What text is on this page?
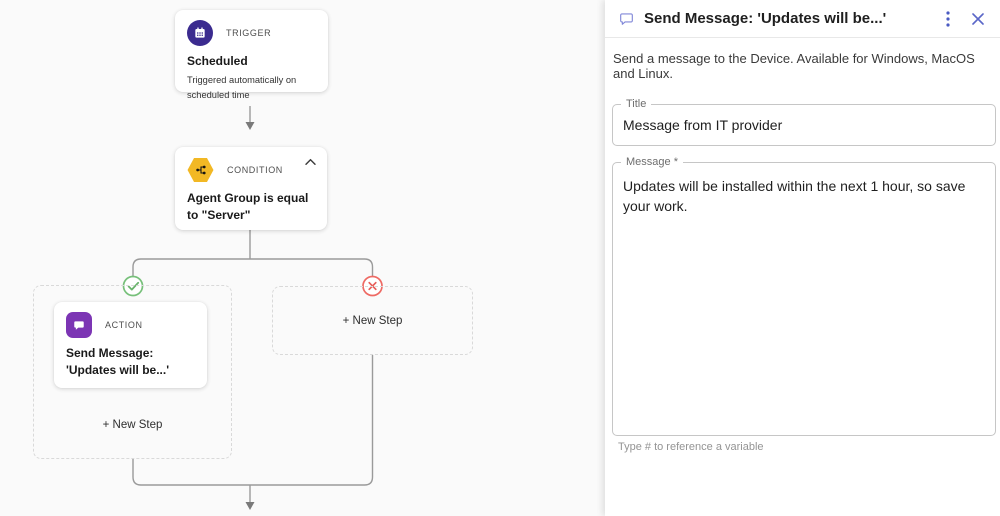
TRIGGER
Scheduled
Triggered automatically on scheduled time
CONDITION
Agent Group is equal to "Server"
ACTION
Send Message: 'Updates will be...'
+ New Step
+ New Step
Send Message: 'Updates will be...'
Send a message to the Device. Available for Windows, MacOS and Linux.
Title
Message from IT provider
Message *
Updates will be installed within the next 1 hour, so save your work.
Type # to reference a variable
